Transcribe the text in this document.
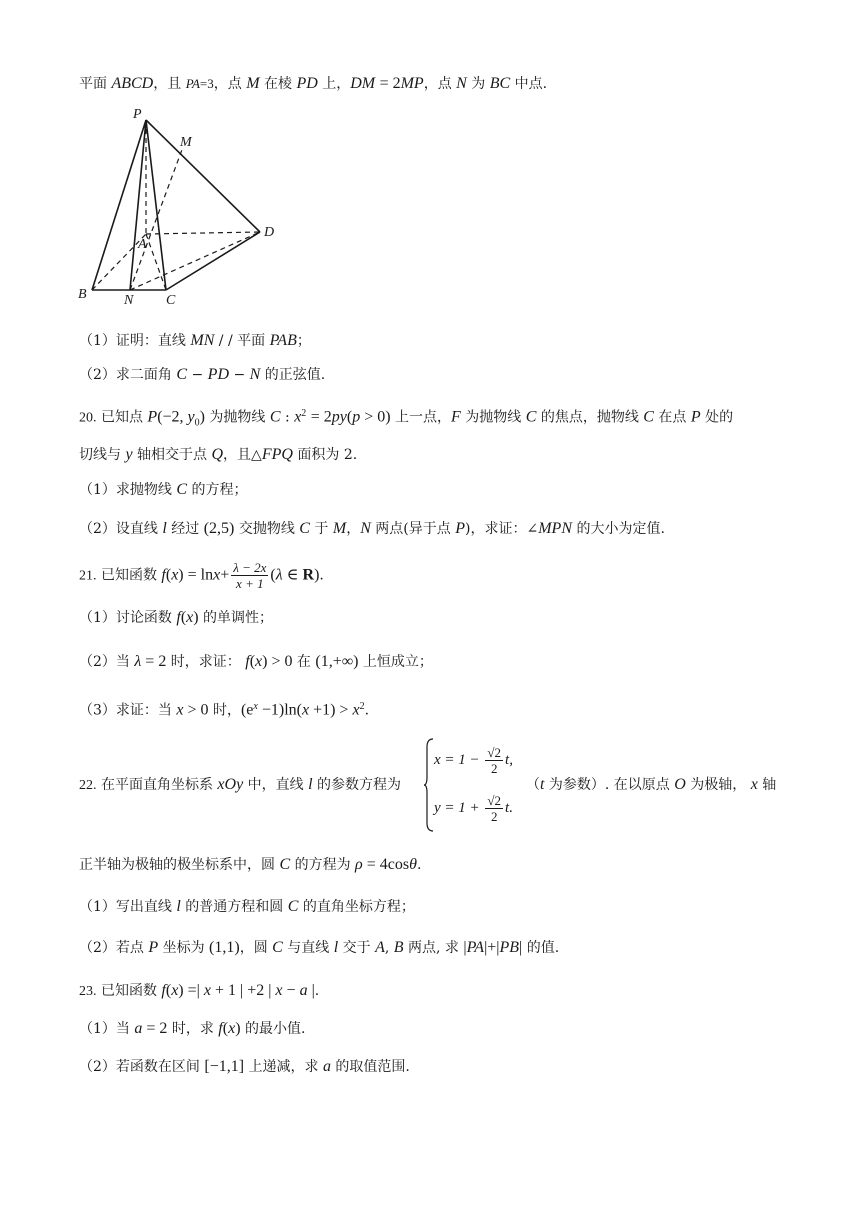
平面 ABCD，且 PA=3，点 M 在棱 PD 上，DM = 2MP，点 N 为 BC 中点.
P
M
A
D
B	N C
（1）证明：直线 MN / / 平面 PAB；
（2）求二面角 C − PD − N 的正弦值.
20. 已知点 P(−2, $y_0$) 为抛物线 C : $x^2 = 2py(p > 0)$ 上一点，F 为抛物线 C 的焦点，抛物线 C 在点 P 处的
切线与 y 轴相交于点 Q，且△FPQ 面积为 2.
（1）求抛物线 C 的方程；
（2）设直线 l 经过 (2,5) 交抛物线 C 于 M，N 两点(异于点 P)，求证：∠MPN 的大小为定值.
21. 已知函数 $f(x) = \ln x+ \frac{\lambda - 2x}{x + 1} (\lambda$ ∈ R).
（1）讨论函数 f(x) 的单调性；
（2）当 λ = 2 时，求证： f(x) > 0 在 (1,+∞) 上恒成立；
（3）求证：当 x > 0 时，$(e^x -1)\ln(x +1) > x^2$.
22. 在平面直角坐标系 xOy 中，直线 l 的参数方程为
$x = 1 - \frac{√2}{2} t$,
$y = 1 + \frac{√2}{2} t$.
（t 为参数）. 在以原点 O 为极轴， x 轴
正半轴为极轴的极坐标系中，圆 C 的方程为 ρ = 4cosθ.
（1）写出直线 l 的普通方程和圆 C 的直角坐标方程；
（2）若点 P 坐标为 (1,1)，圆 C 与直线 l 交于 A, B 两点, 求 |PA|+|PB| 的值.
23. 已知函数 f(x) =| x + 1 | +2 | x − a |.
（1）当 a = 2 时，求 f(x) 的最小值.
（2）若函数在区间 [−1,1] 上递减，求 a 的取值范围.
